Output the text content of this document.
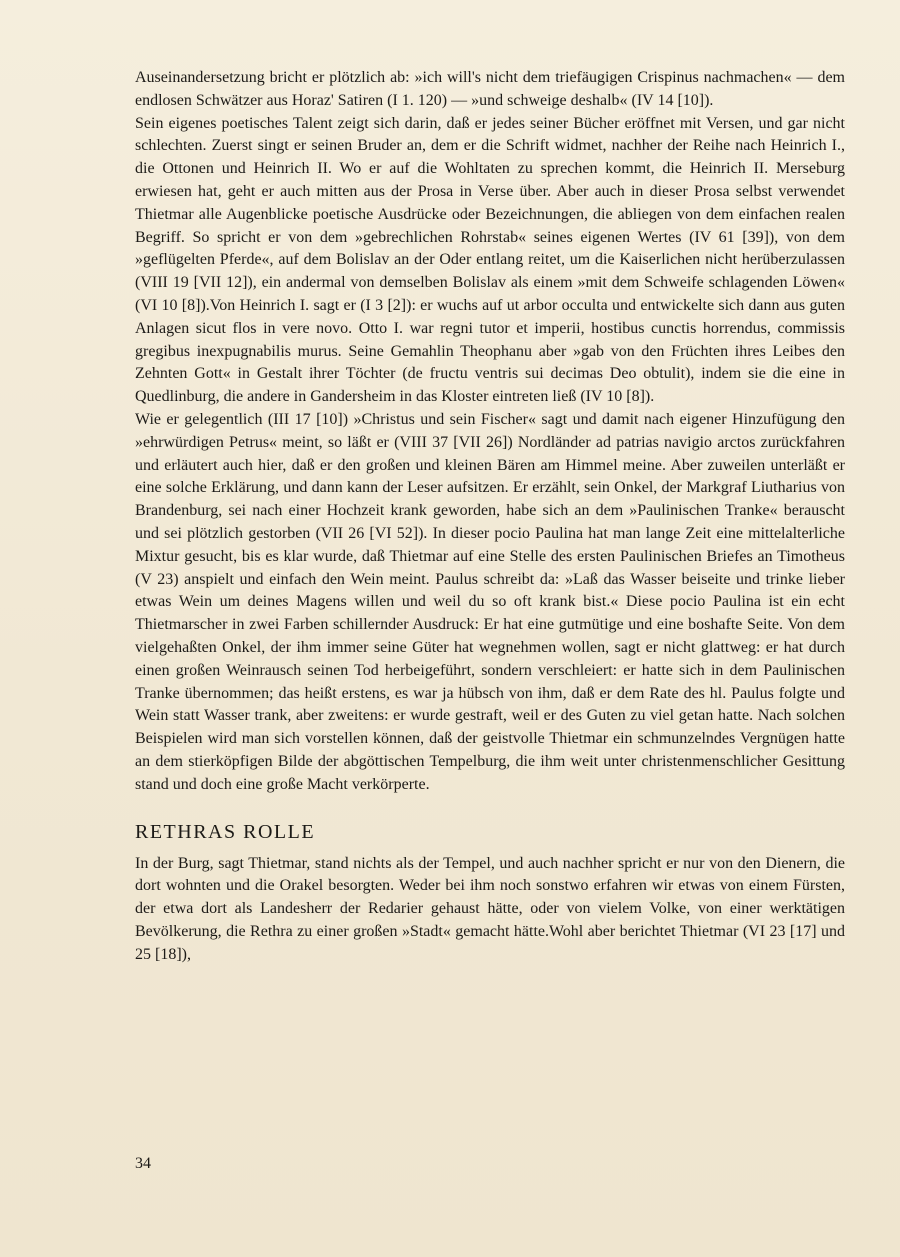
Auseinandersetzung bricht er plötzlich ab: »ich will's nicht dem triefäugigen Crispinus nachmachen« — dem endlosen Schwätzer aus Horaz' Satiren (I 1. 120) — »und schweige deshalb« (IV 14 [10]).

Sein eigenes poetisches Talent zeigt sich darin, daß er jedes seiner Bücher eröffnet mit Versen, und gar nicht schlechten. Zuerst singt er seinen Bruder an, dem er die Schrift widmet, nachher der Reihe nach Heinrich I., die Ottonen und Heinrich II. Wo er auf die Wohltaten zu sprechen kommt, die Heinrich II. Merseburg erwiesen hat, geht er auch mitten aus der Prosa in Verse über. Aber auch in dieser Prosa selbst verwendet Thietmar alle Augenblicke poetische Ausdrücke oder Bezeichnungen, die abliegen von dem einfachen realen Begriff. So spricht er von dem »gebrechlichen Rohrstab« seines eigenen Wertes (IV 61 [39]), von dem »geflügelten Pferde«, auf dem Bolislav an der Oder entlang reitet, um die Kaiserlichen nicht herüberzulassen (VIII 19 [VII 12]), ein andermal von demselben Bolislav als einem »mit dem Schweife schlagenden Löwen« (VI 10 [8]).Von Heinrich I. sagt er (I 3 [2]): er wuchs auf ut arbor occulta und entwickelte sich dann aus guten Anlagen sicut flos in vere novo. Otto I. war regni tutor et imperii, hostibus cunctis horrendus, commissis gregibus inexpugnabilis murus. Seine Gemahlin Theophanu aber »gab von den Früchten ihres Leibes den Zehnten Gott« in Gestalt ihrer Töchter (de fructu ventris sui decimas Deo obtulit), indem sie die eine in Quedlinburg, die andere in Gandersheim in das Kloster eintreten ließ (IV 10 [8]).

Wie er gelegentlich (III 17 [10]) »Christus und sein Fischer« sagt und damit nach eigener Hinzufügung den »ehrwürdigen Petrus« meint, so läßt er (VIII 37 [VII 26]) Nordländer ad patrias navigio arctos zurückfahren und erläutert auch hier, daß er den großen und kleinen Bären am Himmel meine. Aber zuweilen unterläßt er eine solche Erklärung, und dann kann der Leser aufsitzen. Er erzählt, sein Onkel, der Markgraf Liutharius von Brandenburg, sei nach einer Hochzeit krank geworden, habe sich an dem »Paulinischen Tranke« berauscht und sei plötzlich gestorben (VII 26 [VI 52]). In dieser pocio Paulina hat man lange Zeit eine mittelalterliche Mixtur gesucht, bis es klar wurde, daß Thietmar auf eine Stelle des ersten Paulinischen Briefes an Timotheus (V 23) anspielt und einfach den Wein meint. Paulus schreibt da: »Laß das Wasser beiseite und trinke lieber etwas Wein um deines Magens willen und weil du so oft krank bist.« Diese pocio Paulina ist ein echt Thietmarscher in zwei Farben schillernder Ausdruck: Er hat eine gutmütige und eine boshafte Seite. Von dem vielgehaßten Onkel, der ihm immer seine Güter hat wegnehmen wollen, sagt er nicht glattweg: er hat durch einen großen Weinrausch seinen Tod herbeigeführt, sondern verschleiert: er hatte sich in dem Paulinischen Tranke übernommen; das heißt erstens, es war ja hübsch von ihm, daß er dem Rate des hl. Paulus folgte und Wein statt Wasser trank, aber zweitens: er wurde gestraft, weil er des Guten zu viel getan hatte. Nach solchen Beispielen wird man sich vorstellen können, daß der geistvolle Thietmar ein schmunzelndes Vergnügen hatte an dem stierköpfigen Bilde der abgöttischen Tempelburg, die ihm weit unter christenmenschlicher Gesittung stand und doch eine große Macht verkörperte.

RETHRAS ROLLE

In der Burg, sagt Thietmar, stand nichts als der Tempel, und auch nachher spricht er nur von den Dienern, die dort wohnten und die Orakel besorgten. Weder bei ihm noch sonstwo erfahren wir etwas von einem Fürsten, der etwa dort als Landesherr der Redarier gehaust hätte, oder von vielem Volke, von einer werktätigen Bevölkerung, die Rethra zu einer großen »Stadt« gemacht hätte.Wohl aber berichtet Thietmar (VI 23 [17] und 25 [18]),

34
